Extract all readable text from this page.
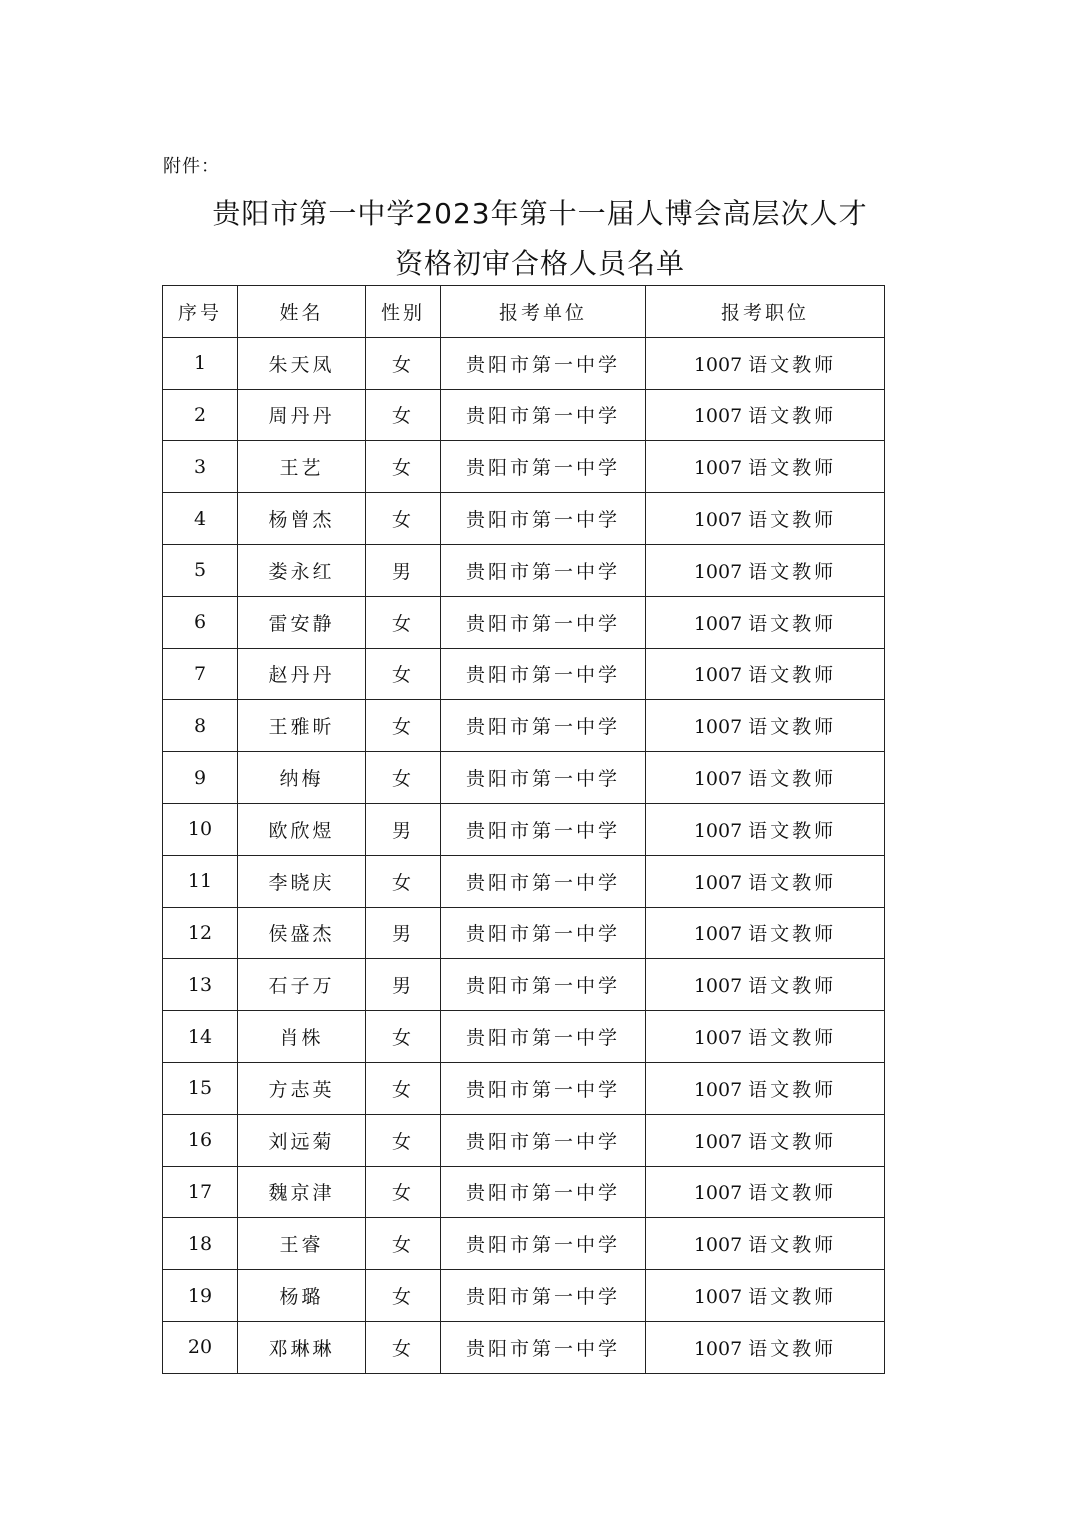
附件：
贵阳市第一中学2023年第十一届人博会高层次人才
资格初审合格人员名单
序号	姓名	性别	报考单位	报考职位
1	朱天凤	女	贵阳市第一中学	1007 语文教师
2	周丹丹	女	贵阳市第一中学	1007 语文教师
3	王艺	女	贵阳市第一中学	1007 语文教师
4	杨曾杰	女	贵阳市第一中学	1007 语文教师
5	娄永红	男	贵阳市第一中学	1007 语文教师
6	雷安静	女	贵阳市第一中学	1007 语文教师
7	赵丹丹	女	贵阳市第一中学	1007 语文教师
8	王雅昕	女	贵阳市第一中学	1007 语文教师
9	纳梅	女	贵阳市第一中学	1007 语文教师
10	欧欣煜	男	贵阳市第一中学	1007 语文教师
11	李晓庆	女	贵阳市第一中学	1007 语文教师
12	侯盛杰	男	贵阳市第一中学	1007 语文教师
13	石子万	男	贵阳市第一中学	1007 语文教师
14	肖株	女	贵阳市第一中学	1007 语文教师
15	方志英	女	贵阳市第一中学	1007 语文教师
16	刘远菊	女	贵阳市第一中学	1007 语文教师
17	魏京津	女	贵阳市第一中学	1007 语文教师
18	王睿	女	贵阳市第一中学	1007 语文教师
19	杨璐	女	贵阳市第一中学	1007 语文教师
20	邓琳琳	女	贵阳市第一中学	1007 语文教师
